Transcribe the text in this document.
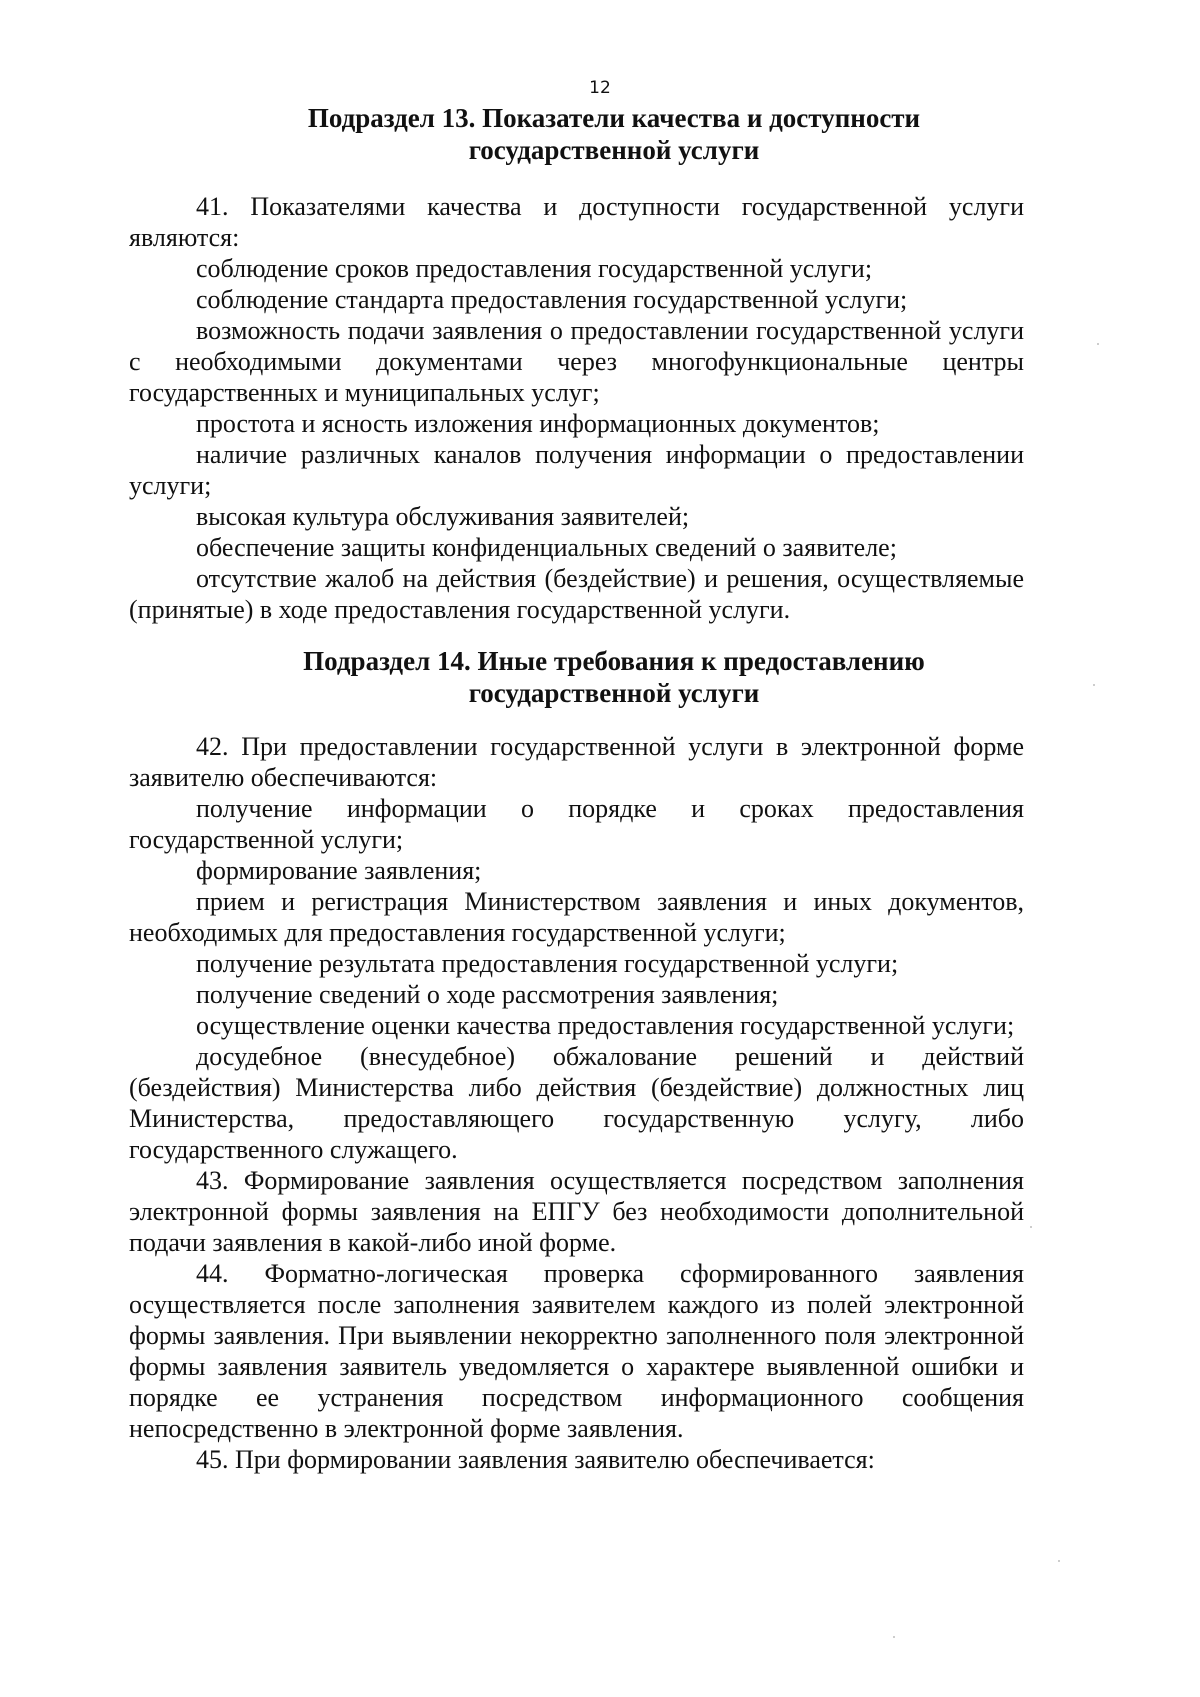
12
Подраздел 13. Показатели качества и доступности государственной услуги

41. Показателями качества и доступности государственной услуги являются:

соблюдение сроков предоставления государственной услуги;

соблюдение стандарта предоставления государственной услуги;

возможность подачи заявления о предоставлении государственной услуги с необходимыми документами через многофункциональные центры государственных и муниципальных услуг;

простота и ясность изложения информационных документов;

наличие различных каналов получения информации о предоставлении услуги;

высокая культура обслуживания заявителей;

обеспечение защиты конфиденциальных сведений о заявителе;

отсутствие жалоб на действия (бездействие) и решения, осуществляемые (принятые) в ходе предоставления государственной услуги.

Подраздел 14. Иные требования к предоставлению государственной услуги

42. При предоставлении государственной услуги в электронной форме заявителю обеспечиваются:

получение информации о порядке и сроках предоставления государственной услуги;

формирование заявления;

прием и регистрация Министерством заявления и иных документов, необходимых для предоставления государственной услуги;

получение результата предоставления государственной услуги;

получение сведений о ходе рассмотрения заявления;

осуществление оценки качества предоставления государственной услуги;

досудебное (внесудебное) обжалование решений и действий (бездействия) Министерства либо действия (бездействие) должностных лиц Министерства, предоставляющего государственную услугу, либо государственного служащего.

43. Формирование заявления осуществляется посредством заполнения электронной формы заявления на ЕПГУ без необходимости дополнительной подачи заявления в какой-либо иной форме.

44. Форматно-логическая проверка сформированного заявления осуществляется после заполнения заявителем каждого из полей электронной формы заявления. При выявлении некорректно заполненного поля электронной формы заявления заявитель уведомляется о характере выявленной ошибки и порядке ее устранения посредством информационного сообщения непосредственно в электронной форме заявления.

45. При формировании заявления заявителю обеспечивается:
